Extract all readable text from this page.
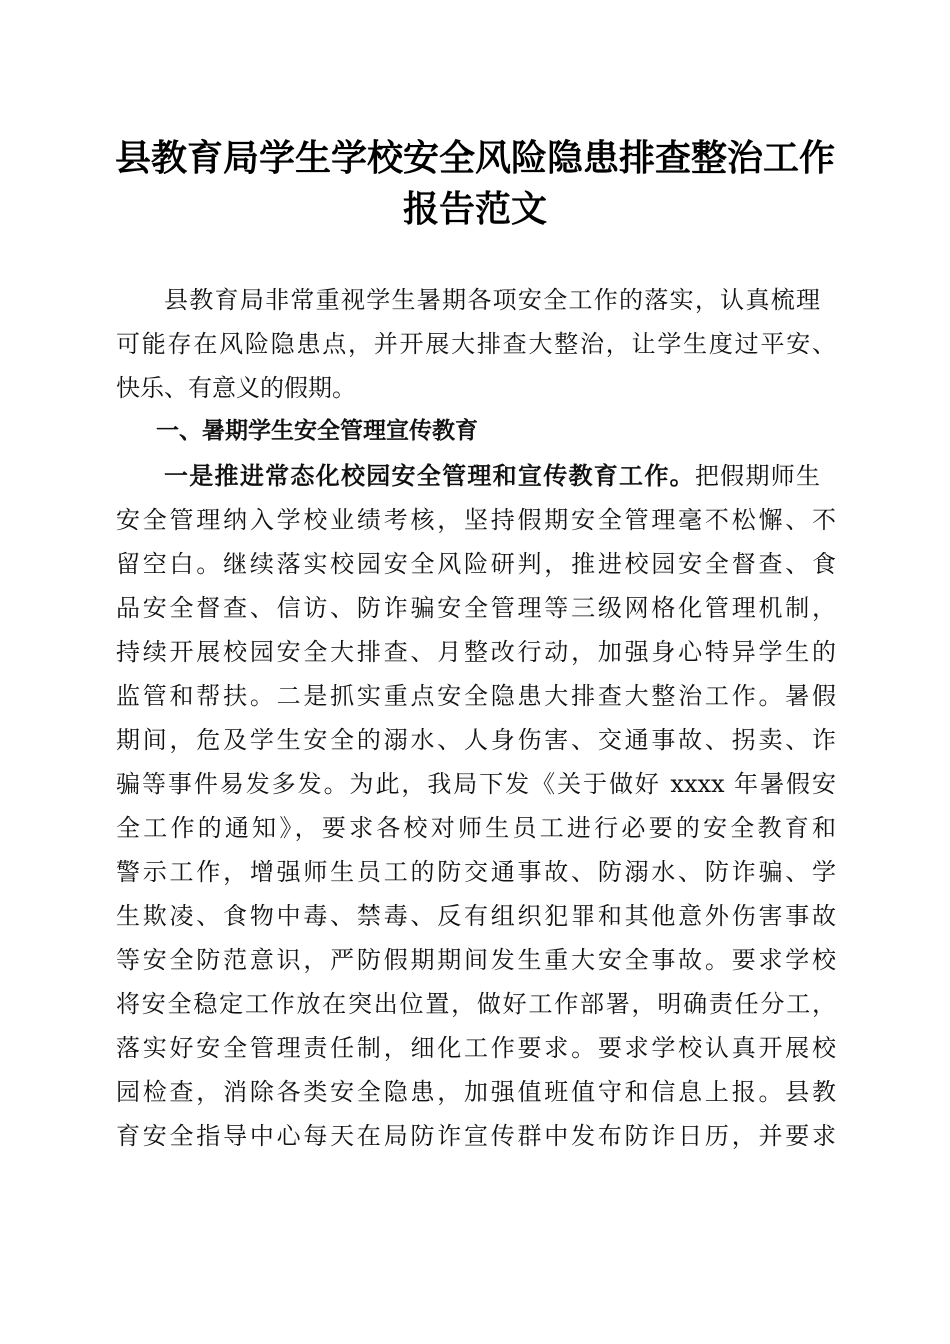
县教育局学生学校安全风险隐患排查整治工作
报告范文
县教育局非常重视学生暑期各项安全工作的落实，认真梳理
可能存在风险隐患点，并开展大排查大整治，让学生度过平安、
快乐、有意义的假期。
一、暑期学生安全管理宣传教育
一是推进常态化校园安全管理和宣传教育工作。把假期师生
安全管理纳入学校业绩考核，坚持假期安全管理毫不松懈、不
留空白。继续落实校园安全风险研判，推进校园安全督查、食
品安全督查、信访、防诈骗安全管理等三级网格化管理机制，
持续开展校园安全大排查、月整改行动，加强身心特异学生的
监管和帮扶。二是抓实重点安全隐患大排查大整治工作。暑假
期间，危及学生安全的溺水、人身伤害、交通事故、拐卖、诈
骗等事件易发多发。为此，我局下发《关于做好 xxxx 年暑假安
全工作的通知》，要求各校对师生员工进行必要的安全教育和
警示工作，增强师生员工的防交通事故、防溺水、防诈骗、学
生欺凌、食物中毒、禁毒、反有组织犯罪和其他意外伤害事故
等安全防范意识，严防假期期间发生重大安全事故。要求学校
将安全稳定工作放在突出位置，做好工作部署，明确责任分工，
落实好安全管理责任制，细化工作要求。要求学校认真开展校
园检查，消除各类安全隐患，加强值班值守和信息上报。县教
育安全指导中心每天在局防诈宣传群中发布防诈日历，并要求
